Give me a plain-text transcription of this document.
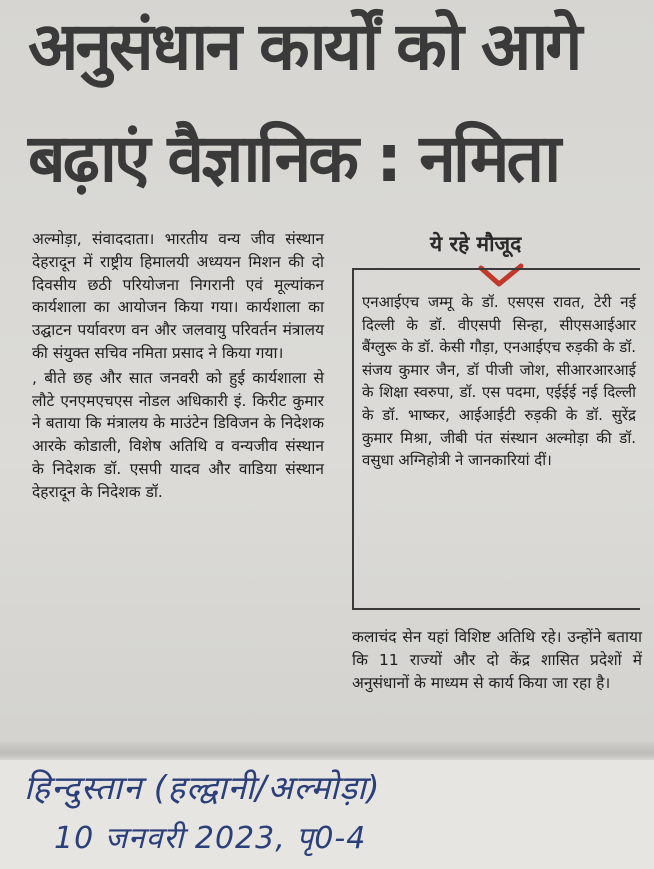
अनुसंधान कार्यों को आगे
बढ़ाएं वैज्ञानिक : नमिता

अल्मोड़ा, संवाददाता। भारतीय वन्य जीव संस्थान देहरादून में राष्ट्रीय हिमालयी अध्ययन मिशन की दो दिवसीय छठी परियोजना निगरानी एवं मूल्यांकन कार्यशाला का आयोजन किया गया। कार्यशाला का उद्घाटन पर्यावरण वन और जलवायु परिवर्तन मंत्रालय की संयुक्त सचिव नमिता प्रसाद ने किया गया।

, बीते छह और सात जनवरी को हुई कार्यशाला से लौटे एनएमएचएस नोडल अधिकारी इं. किरीट कुमार ने बताया कि मंत्रालय के माउंटेन डिविजन के निदेशक आरके कोडाली, विशेष अतिथि व वन्यजीव संस्थान के निदेशक डॉ. एसपी यादव और वाडिया संस्थान देहरादून के निदेशक डॉ.

ये रहे मौजूद
एनआईएच जम्मू के डॉ. एसएस रावत, टेरी नई दिल्ली के डॉ. वीएसपी सिन्हा, सीएसआईआर बैंग्लुरू के डॉ. केसी गौड़ा, एनआईएच रुड़की के डॉ. संजय कुमार जैन, डॉ पीजी जोश, सीआरआरआई के शिक्षा स्वरुपा, डॉ. एस पदमा, एईईई नई दिल्ली के डॉ. भाष्कर, आईआईटी रुड़की के डॉ. सुरेंद्र कुमार मिश्रा, जीबी पंत संस्थान अल्मोड़ा की डॉ. वसुधा अग्निहोत्री ने जानकारियां दीं।

कलाचंद सेन यहां विशिष्ट अतिथि रहे। उन्होंने बताया कि 11 राज्यों और दो केंद्र शासित प्रदेशों में अनुसंधानों के माध्यम से कार्य किया जा रहा है।

हिन्दुस्तान (हल्द्वानी/अल्मोड़ा)
10 जनवरी 2023, पृ0-4
